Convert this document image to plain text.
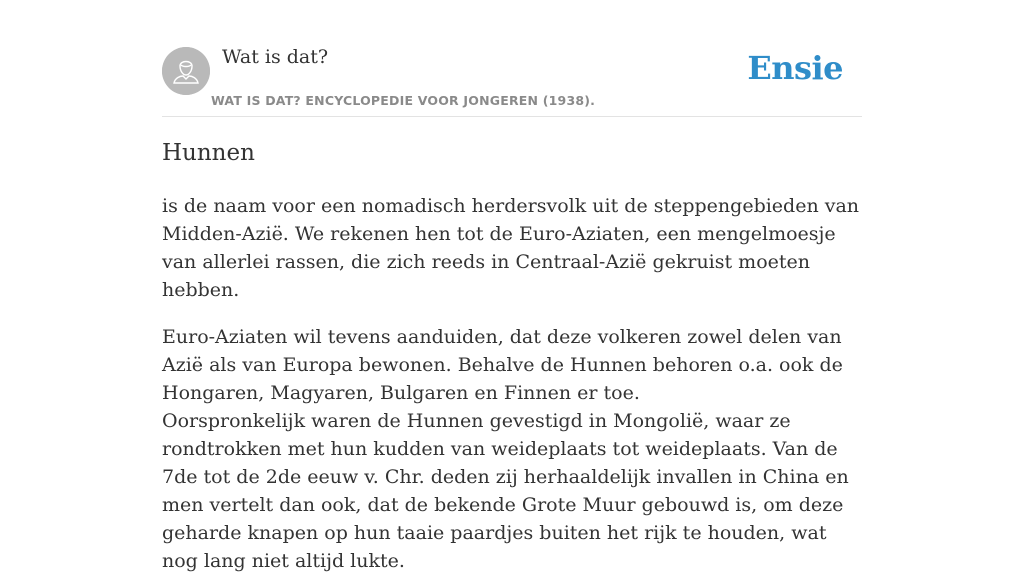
Wat is dat?
WAT IS DAT? ENCYCLOPEDIE VOOR JONGEREN (1938).
Ensie
Hunnen

is de naam voor een nomadisch herdersvolk uit de steppengebieden van Midden-Azië. We rekenen hen tot de Euro-Aziaten, een mengelmoesje van allerlei rassen, die zich reeds in Centraal-Azië gekruist moeten hebben.

Euro-Aziaten wil tevens aanduiden, dat deze volkeren zowel delen van Azië als van Europa bewonen. Behalve de Hunnen behoren o.a. ook de Hongaren, Magyaren, Bulgaren en Finnen er toe.

Oorspronkelijk waren de Hunnen gevestigd in Mongolië, waar ze rondtrokken met hun kudden van weideplaats tot weideplaats. Van de 7de tot de 2de eeuw v. Chr. deden zij herhaaldelijk invallen in China en men vertelt dan ook, dat de bekende Grote Muur gebouwd is, om deze geharde knapen op hun taaie paardjes buiten het rijk te houden, wat nog lang niet altijd lukte.
